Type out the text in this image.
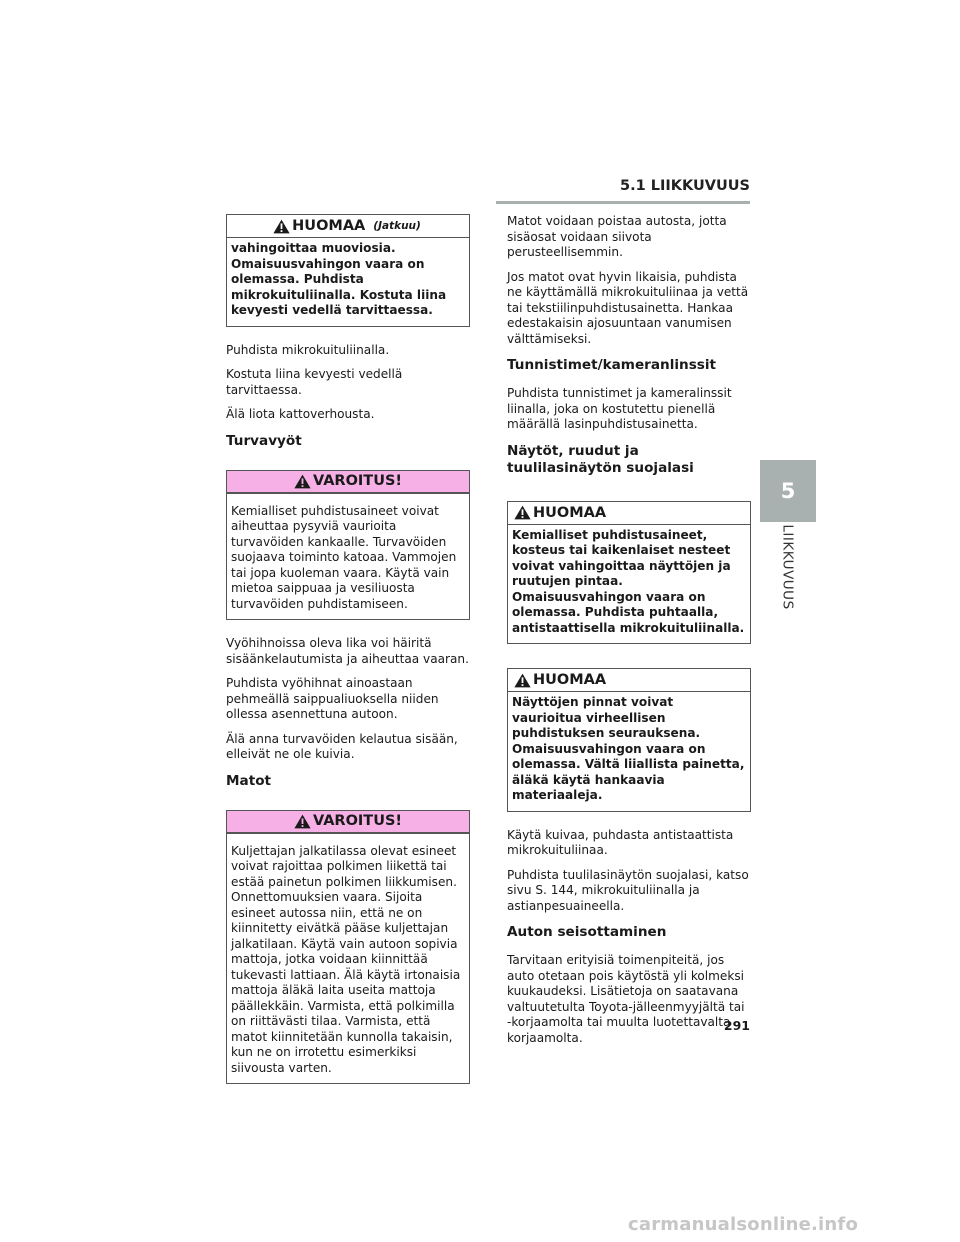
5.1 LIIKKUVUUS
HUOMAA (Jatkuu)
vahingoittaa muoviosia. Omaisuusvahingon vaara on olemassa. Puhdista mikrokuituliinalla. Kostuta liina kevyesti vedellä tarvittaessa.

Puhdista mikrokuituliinalla.

Kostuta liina kevyesti vedellä tarvittaessa.

Älä liota kattoverhousta.

Turvavyöt
VAROITUS!
Kemialliset puhdistusaineet voivat aiheuttaa pysyviä vaurioita turvavöiden kankaalle. Turvavöiden suojaava toiminto katoaa. Vammojen tai jopa kuoleman vaara. Käytä vain mietoa saippuaa ja vesiliuosta turvavöiden puhdistamiseen.

Vyöhihnoissa oleva lika voi häiritä sisäänkelautumista ja aiheuttaa vaaran.

Puhdista vyöhihnat ainoastaan pehmeällä saippualiuoksella niiden ollessa asennettuna autoon.

Älä anna turvavöiden kelautua sisään, elleivät ne ole kuivia.

Matot
VAROITUS!
Kuljettajan jalkatilassa olevat esineet voivat rajoittaa polkimen liikettä tai estää painetun polkimen liikkumisen. Onnettomuuksien vaara. Sijoita esineet autossa niin, että ne on kiinnitetty eivätkä pääse kuljettajan jalkatilaan. Käytä vain autoon sopivia mattoja, jotka voidaan kiinnittää tukevasti lattiaan. Älä käytä irtonaisia mattoja äläkä laita useita mattoja päällekkäin. Varmista, että polkimilla on riittävästi tilaa. Varmista, että matot kiinnitetään kunnolla takaisin, kun ne on irrotettu esimerkiksi siivousta varten.

Matot voidaan poistaa autosta, jotta sisäosat voidaan siivota perusteellisemmin.

Jos matot ovat hyvin likaisia, puhdista ne käyttämällä mikrokuituliinaa ja vettä tai tekstiilinpuhdistusainetta. Hankaa edestakaisin ajosuuntaan vanumisen välttämiseksi.

Tunnistimet/kameranlinssit

Puhdista tunnistimet ja kameralinssit liinalla, joka on kostutettu pienellä määrällä lasinpuhdistusainetta.

Näytöt, ruudut ja tuulilasinäytön suojalasi
HUOMAA
Kemialliset puhdistusaineet, kosteus tai kaikenlaiset nesteet voivat vahingoittaa näyttöjen ja ruutujen pintaa. Omaisuusvahingon vaara on olemassa. Puhdista puhtaalla, antistaattisella mikrokuituliinalla.
HUOMAA
Näyttöjen pinnat voivat vaurioitua virheellisen puhdistuksen seurauksena. Omaisuusvahingon vaara on olemassa. Vältä liiallista painetta, äläkä käytä hankaavia materiaaleja.

Käytä kuivaa, puhdasta antistaattista mikrokuituliinaa.

Puhdista tuulilasinäytön suojalasi, katso sivu S. 144, mikrokuituliinalla ja astianpesuaineella.

Auton seisottaminen

Tarvitaan erityisiä toimenpiteitä, jos auto otetaan pois käytöstä yli kolmeksi kuukaudeksi. Lisätietoja on saatavana valtuutetulta Toyota-jälleenmyyjältä tai -korjaamolta tai muulta luotettavalta korjaamolta.

5
LIIKKUVUUS
291
carmanualsonline.info
